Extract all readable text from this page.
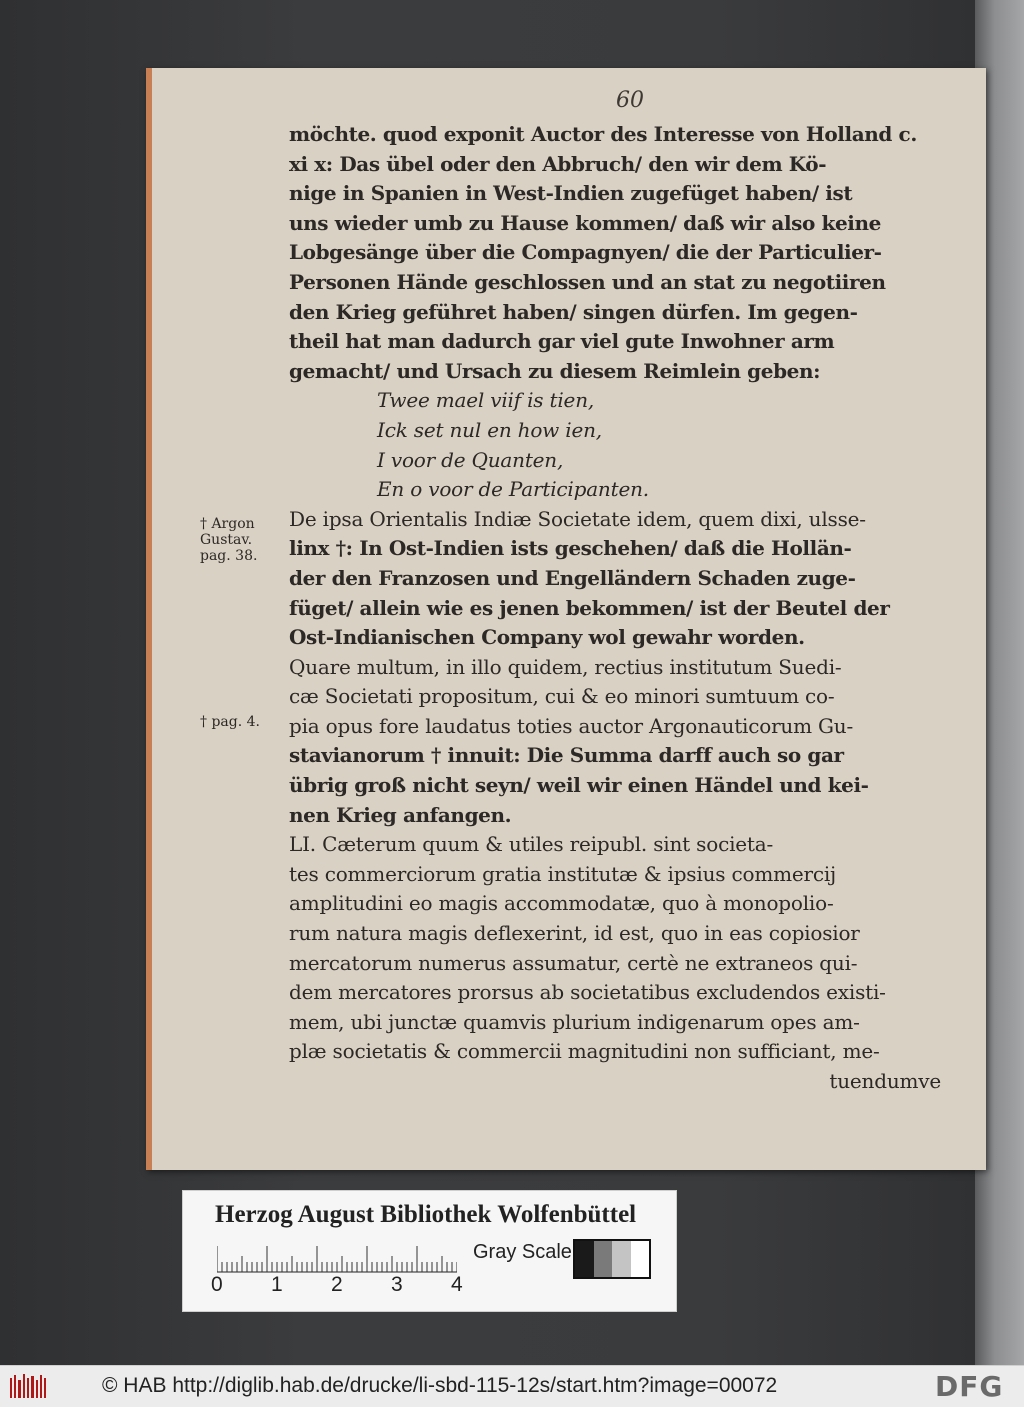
60
† Argon
Gustav.
pag. 38.
† pag. 4.
möchte. quod exponit Auctor des Interesse von Holland c.
xi x: Das übel oder den Abbruch/ den wir dem Kö-
nige in Spanien in West-Indien zugefüget haben/ ist
uns wieder umb zu Hause kommen/ daß wir also keine
Lobgesänge über die Compagnyen/ die der Particulier-
Personen Hände geschlossen und an stat zu negotiiren
den Krieg geführet haben/ singen dürfen. Im gegen-
theil hat man dadurch gar viel gute Inwohner arm
gemacht/ und Ursach zu diesem Reimlein geben:
Twee mael viif is tien,
Ick set nul en how ien,
I voor de Quanten,
En o voor de Participanten.
De ipsa Orientalis Indiæ Societate idem, quem dixi, ulsse-
linx †: In Ost-Indien ists geschehen/ daß die Hollän-
der den Franzosen und Engelländern Schaden zuge-
füget/ allein wie es jenen bekommen/ ist der Beutel der
Ost-Indianischen Company wol gewahr worden.
Quare multum, in illo quidem, rectius institutum Suedi-
cæ Societati propositum, cui & eo minori sumtuum co-
pia opus fore laudatus toties auctor Argonauticorum Gu-
stavianorum † innuit: Die Summa darff auch so gar
übrig groß nicht seyn/ weil wir einen Händel und kei-
nen Krieg anfangen.
LI. Cæterum quum & utiles reipubl. sint societa-
tes commerciorum gratia institutæ & ipsius commercij
amplitudini eo magis accommodatæ, quo à monopolio-
rum natura magis deflexerint, id est, quo in eas copiosior
mercatorum numerus assumatur, certè ne extraneos qui-
dem mercatores prorsus ab societatibus excludendos existi-
mem, ubi junctæ quamvis plurium indigenarum opes am-
plæ societatis & commercii magnitudini non sufficiant, me-
tuendumve
Herzog August Bibliothek Wolfenbüttel
0 1 2 3 4
Gray Scale
© HAB http://diglib.hab.de/drucke/li-sbd-115-12s/start.htm?image=00072	DFG
